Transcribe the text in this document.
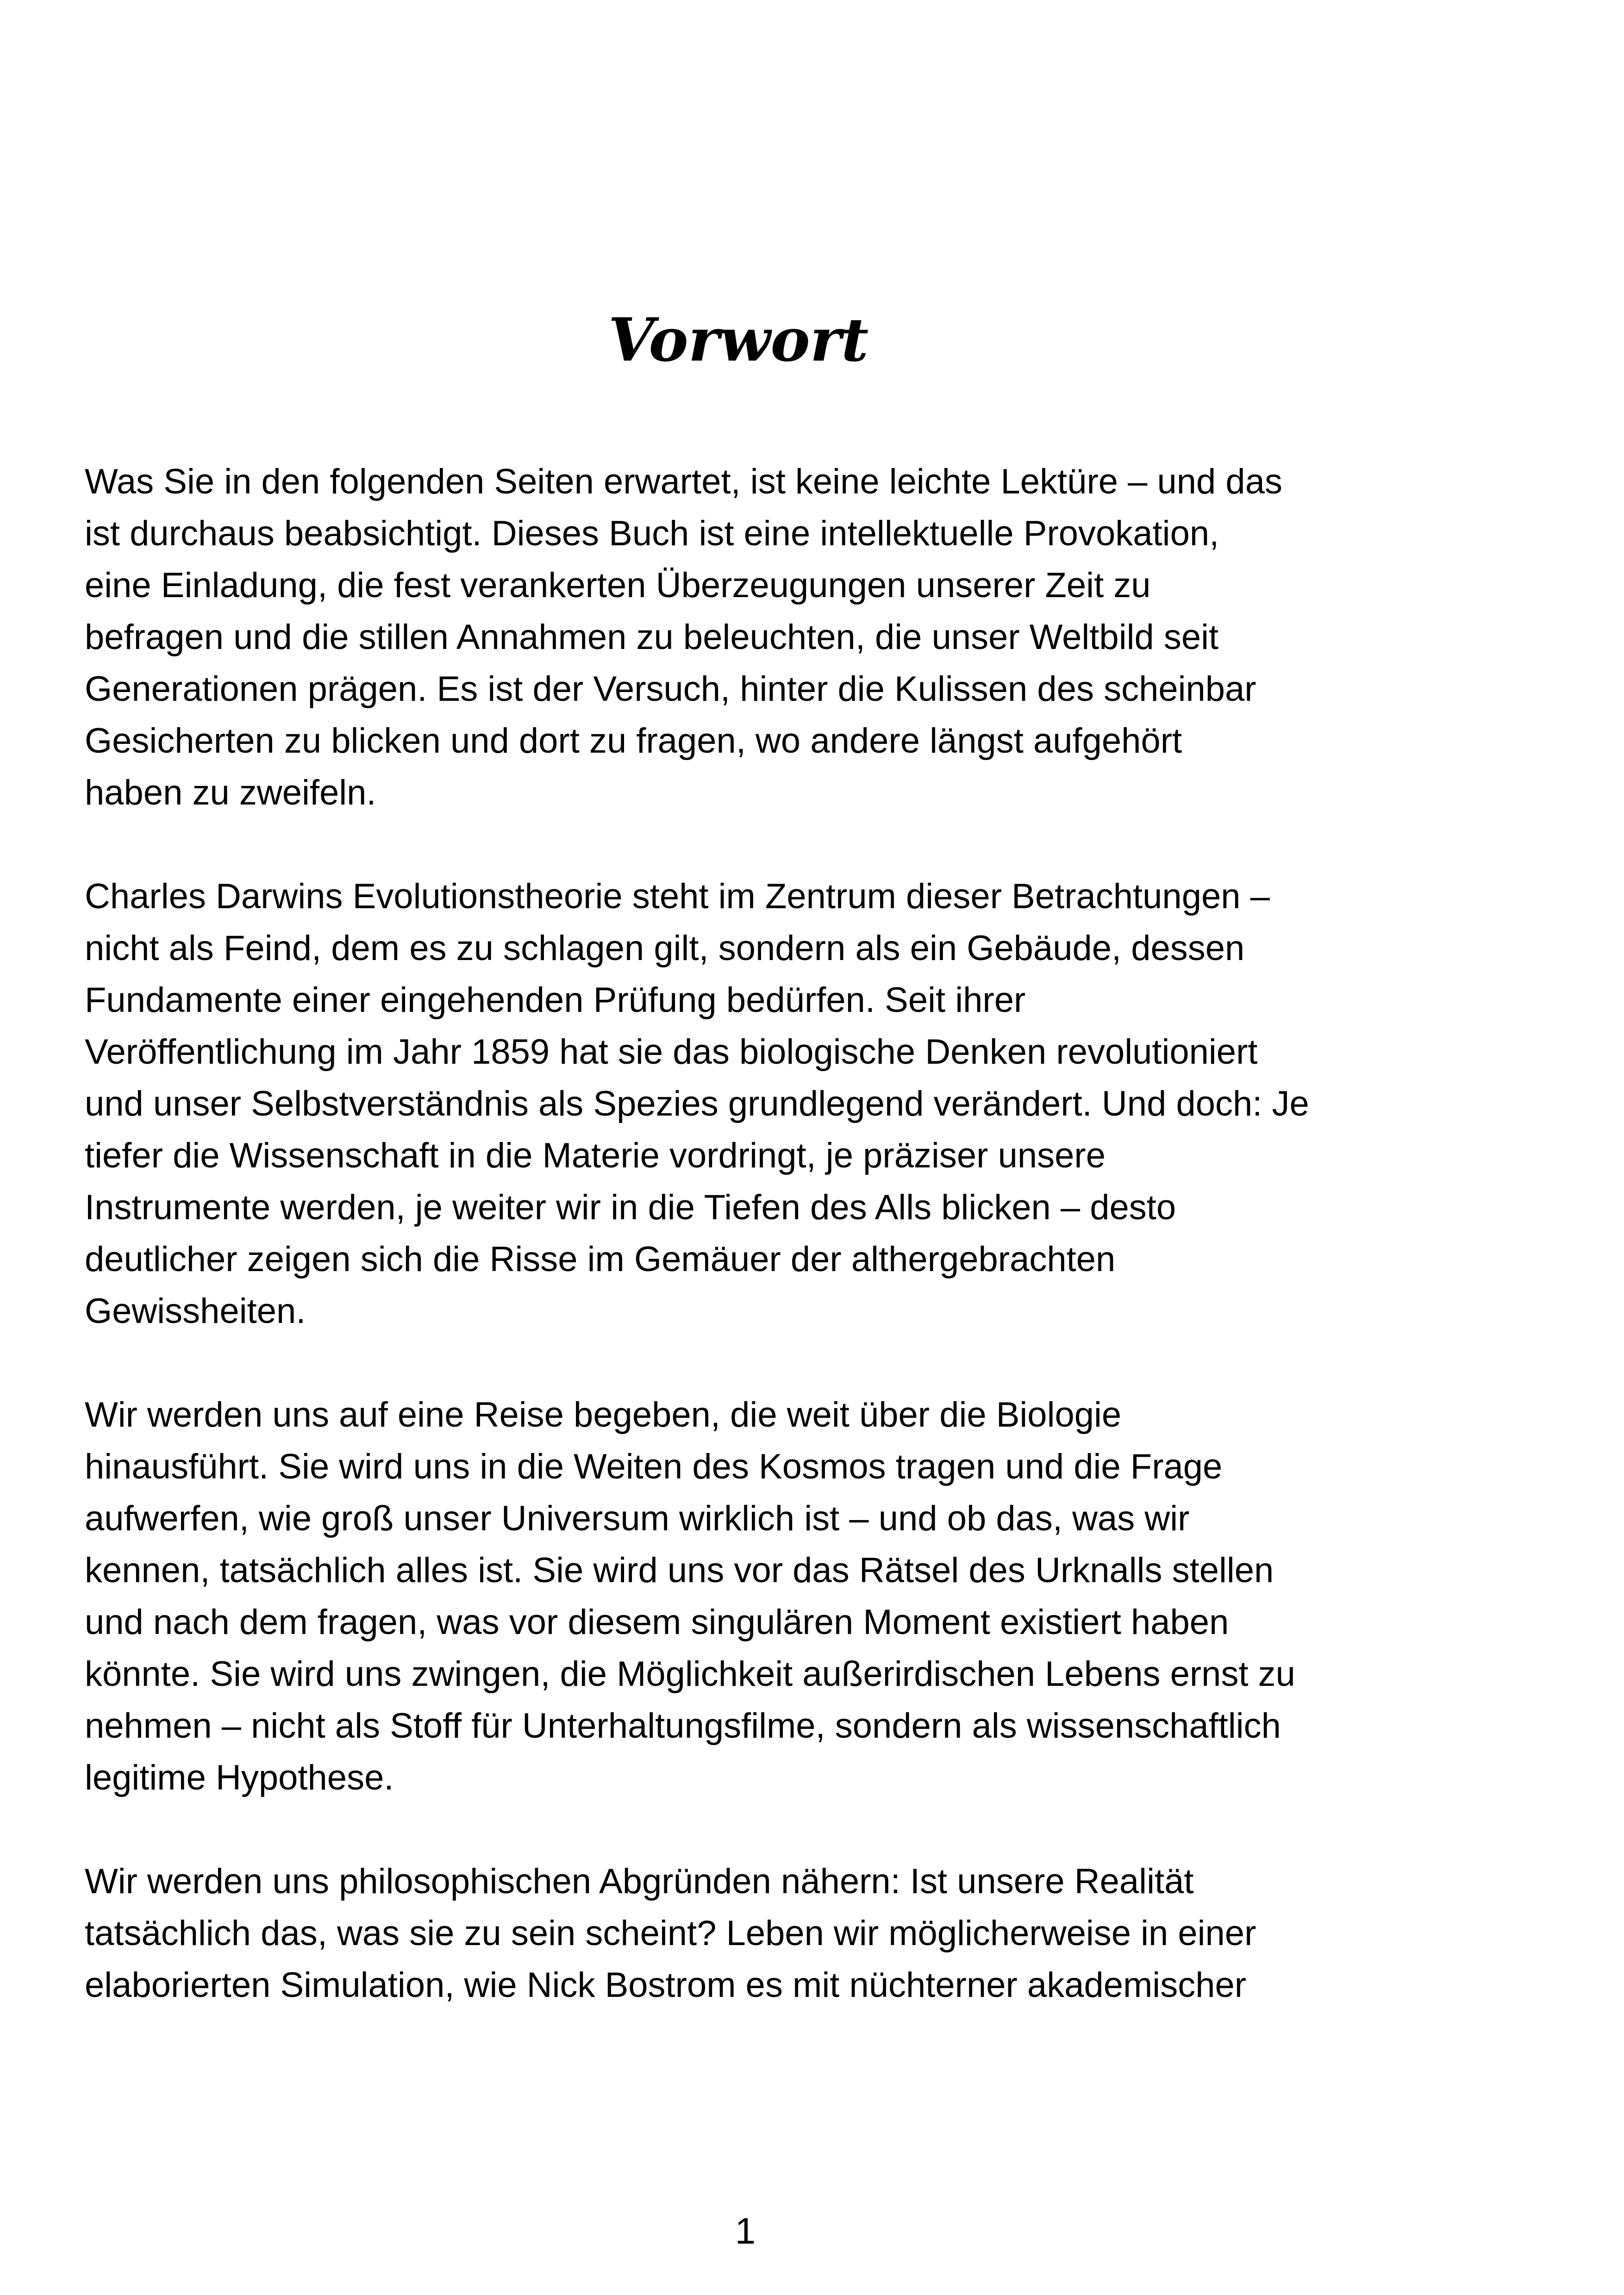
Vorwort
Was Sie in den folgenden Seiten erwartet, ist keine leichte Lektüre – und das
ist durchaus beabsichtigt. Dieses Buch ist eine intellektuelle Provokation,
eine Einladung, die fest verankerten Überzeugungen unserer Zeit zu
befragen und die stillen Annahmen zu beleuchten, die unser Weltbild seit
Generationen prägen. Es ist der Versuch, hinter die Kulissen des scheinbar
Gesicherten zu blicken und dort zu fragen, wo andere längst aufgehört
haben zu zweifeln.
Charles Darwins Evolutionstheorie steht im Zentrum dieser Betrachtungen –
nicht als Feind, dem es zu schlagen gilt, sondern als ein Gebäude, dessen
Fundamente einer eingehenden Prüfung bedürfen. Seit ihrer
Veröffentlichung im Jahr 1859 hat sie das biologische Denken revolutioniert
und unser Selbstverständnis als Spezies grundlegend verändert. Und doch: Je
tiefer die Wissenschaft in die Materie vordringt, je präziser unsere
Instrumente werden, je weiter wir in die Tiefen des Alls blicken – desto
deutlicher zeigen sich die Risse im Gemäuer der althergebrachten
Gewissheiten.
Wir werden uns auf eine Reise begeben, die weit über die Biologie
hinausführt. Sie wird uns in die Weiten des Kosmos tragen und die Frage
aufwerfen, wie groß unser Universum wirklich ist – und ob das, was wir
kennen, tatsächlich alles ist. Sie wird uns vor das Rätsel des Urknalls stellen
und nach dem fragen, was vor diesem singulären Moment existiert haben
könnte. Sie wird uns zwingen, die Möglichkeit außerirdischen Lebens ernst zu
nehmen – nicht als Stoff für Unterhaltungsfilme, sondern als wissenschaftlich
legitime Hypothese.
Wir werden uns philosophischen Abgründen nähern: Ist unsere Realität
tatsächlich das, was sie zu sein scheint? Leben wir möglicherweise in einer
elaborierten Simulation, wie Nick Bostrom es mit nüchterner akademischer
1
